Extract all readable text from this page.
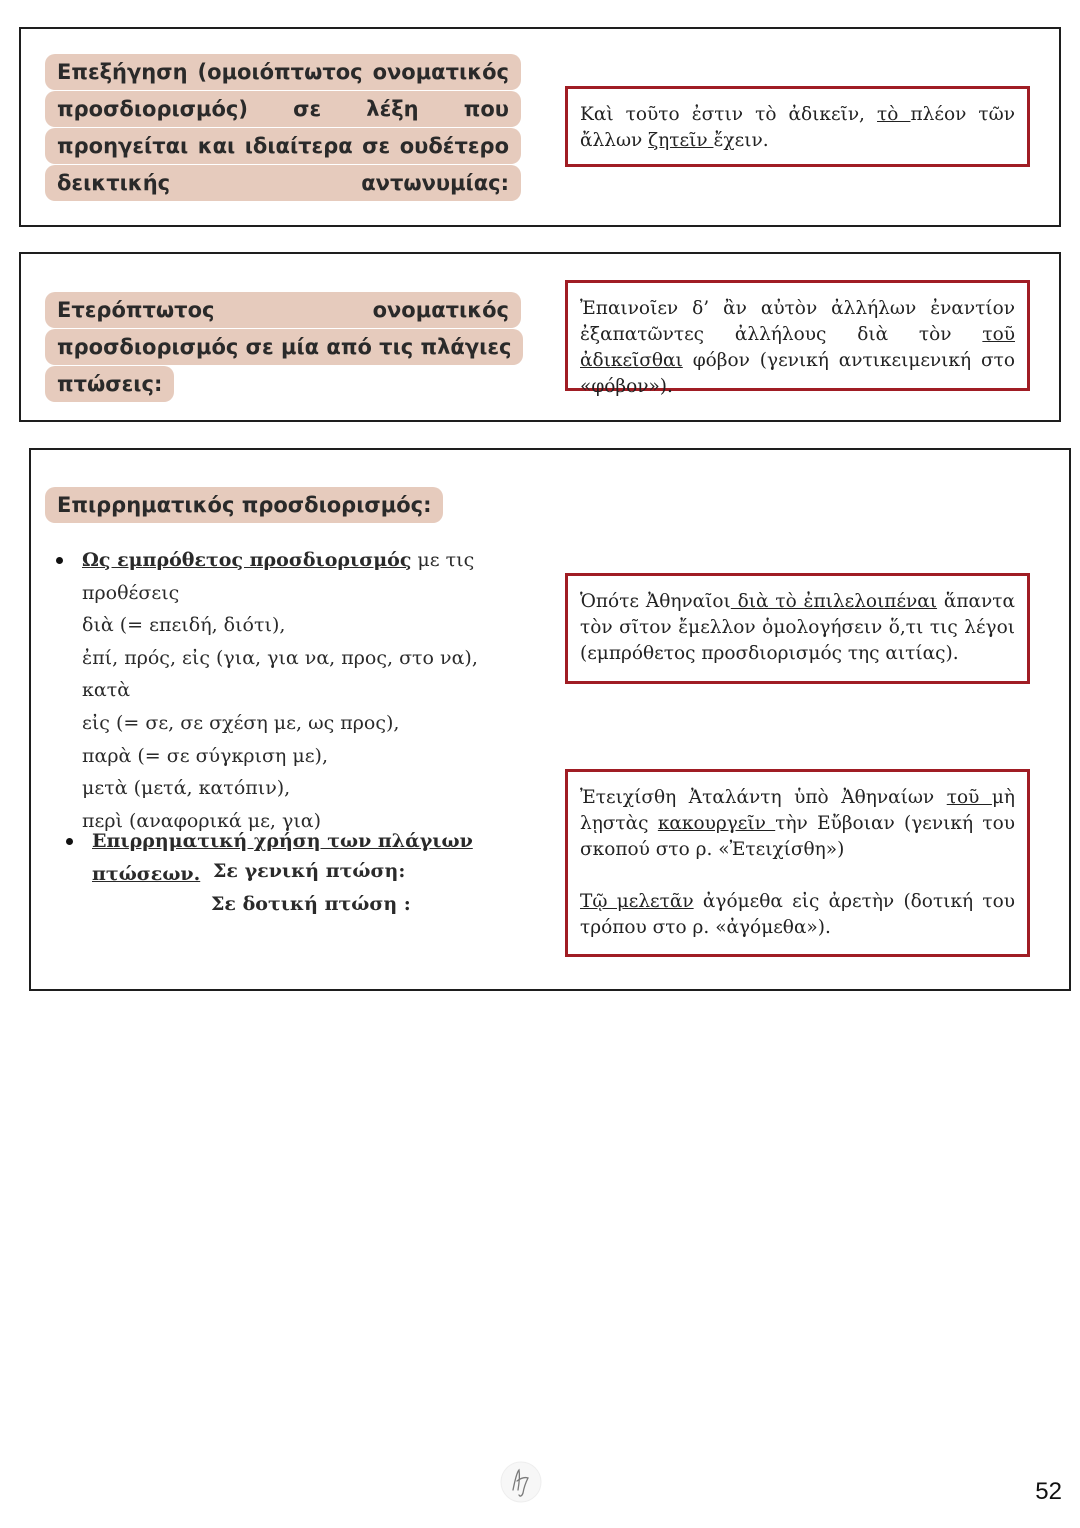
Επεξήγηση (ομοιόπτωτος ονοματικός προσδιορισμός) σε λέξη που προηγείται και ιδιαίτερα σε ουδέτερο δεικτικής αντωνυμίας:
Καὶ τοῦτο ἐστιν τὸ ἀδικεῖν, τὸ πλέον τῶν ἄλλων ζητεῖν ἔχειν.
Ετερόπτωτος ονοματικός προσδιορισμός σε μία από τις πλάγιες πτώσεις:
Ἐπαινοῖεν δ’ ἂν αὐτὸν ἀλλήλων ἐναντίον ἐξαπατῶντες ἀλλήλους διὰ τὸν τοῦ ἀδικεῖσθαι φόβον (γενική αντικειμενική στο «φόβον»).
Επιρρηματικός προσδιορισμός:
Ως εμπρόθετος προσδιορισμός με τις προθέσεις
διὰ (= επειδή, διότι),
ἐπί, πρός, εἰς (για, για να, προς, στο να),
κατὰ
εἰς (= σε, σε σχέση με, ως προς),
παρὰ (= σε σύγκριση με),
μετὰ (μετά, κατόπιν),
περὶ (αναφορικά με, για)
Επιρρηματική χρήση των πλάγιων πτώσεων. Σε γενική πτώση:
Σε δοτική πτώση :
Ὁπότε Ἀθηναῖοι διὰ τὸ ἐπιλελοιπέναι ἅπαντα τὸν σῖτον ἔμελλον ὁμολογήσειν ὅ,τι τις λέγοι (εμπρόθετος προσδιορισμός της αιτίας).
Ἐτειχίσθη Ἀταλάντη ὑπὸ Ἀθηναίων τοῦ μὴ λῃστὰς κακουργεῖν τὴν Εὔβοιαν (γενική του σκοπού στο ρ. «Ἐτειχίσθη»)
Τῷ μελετᾶν ἀγόμεθα εἰς ἀρετὴν (δοτική του τρόπου στο ρ. «ἀγόμεθα»).
52
